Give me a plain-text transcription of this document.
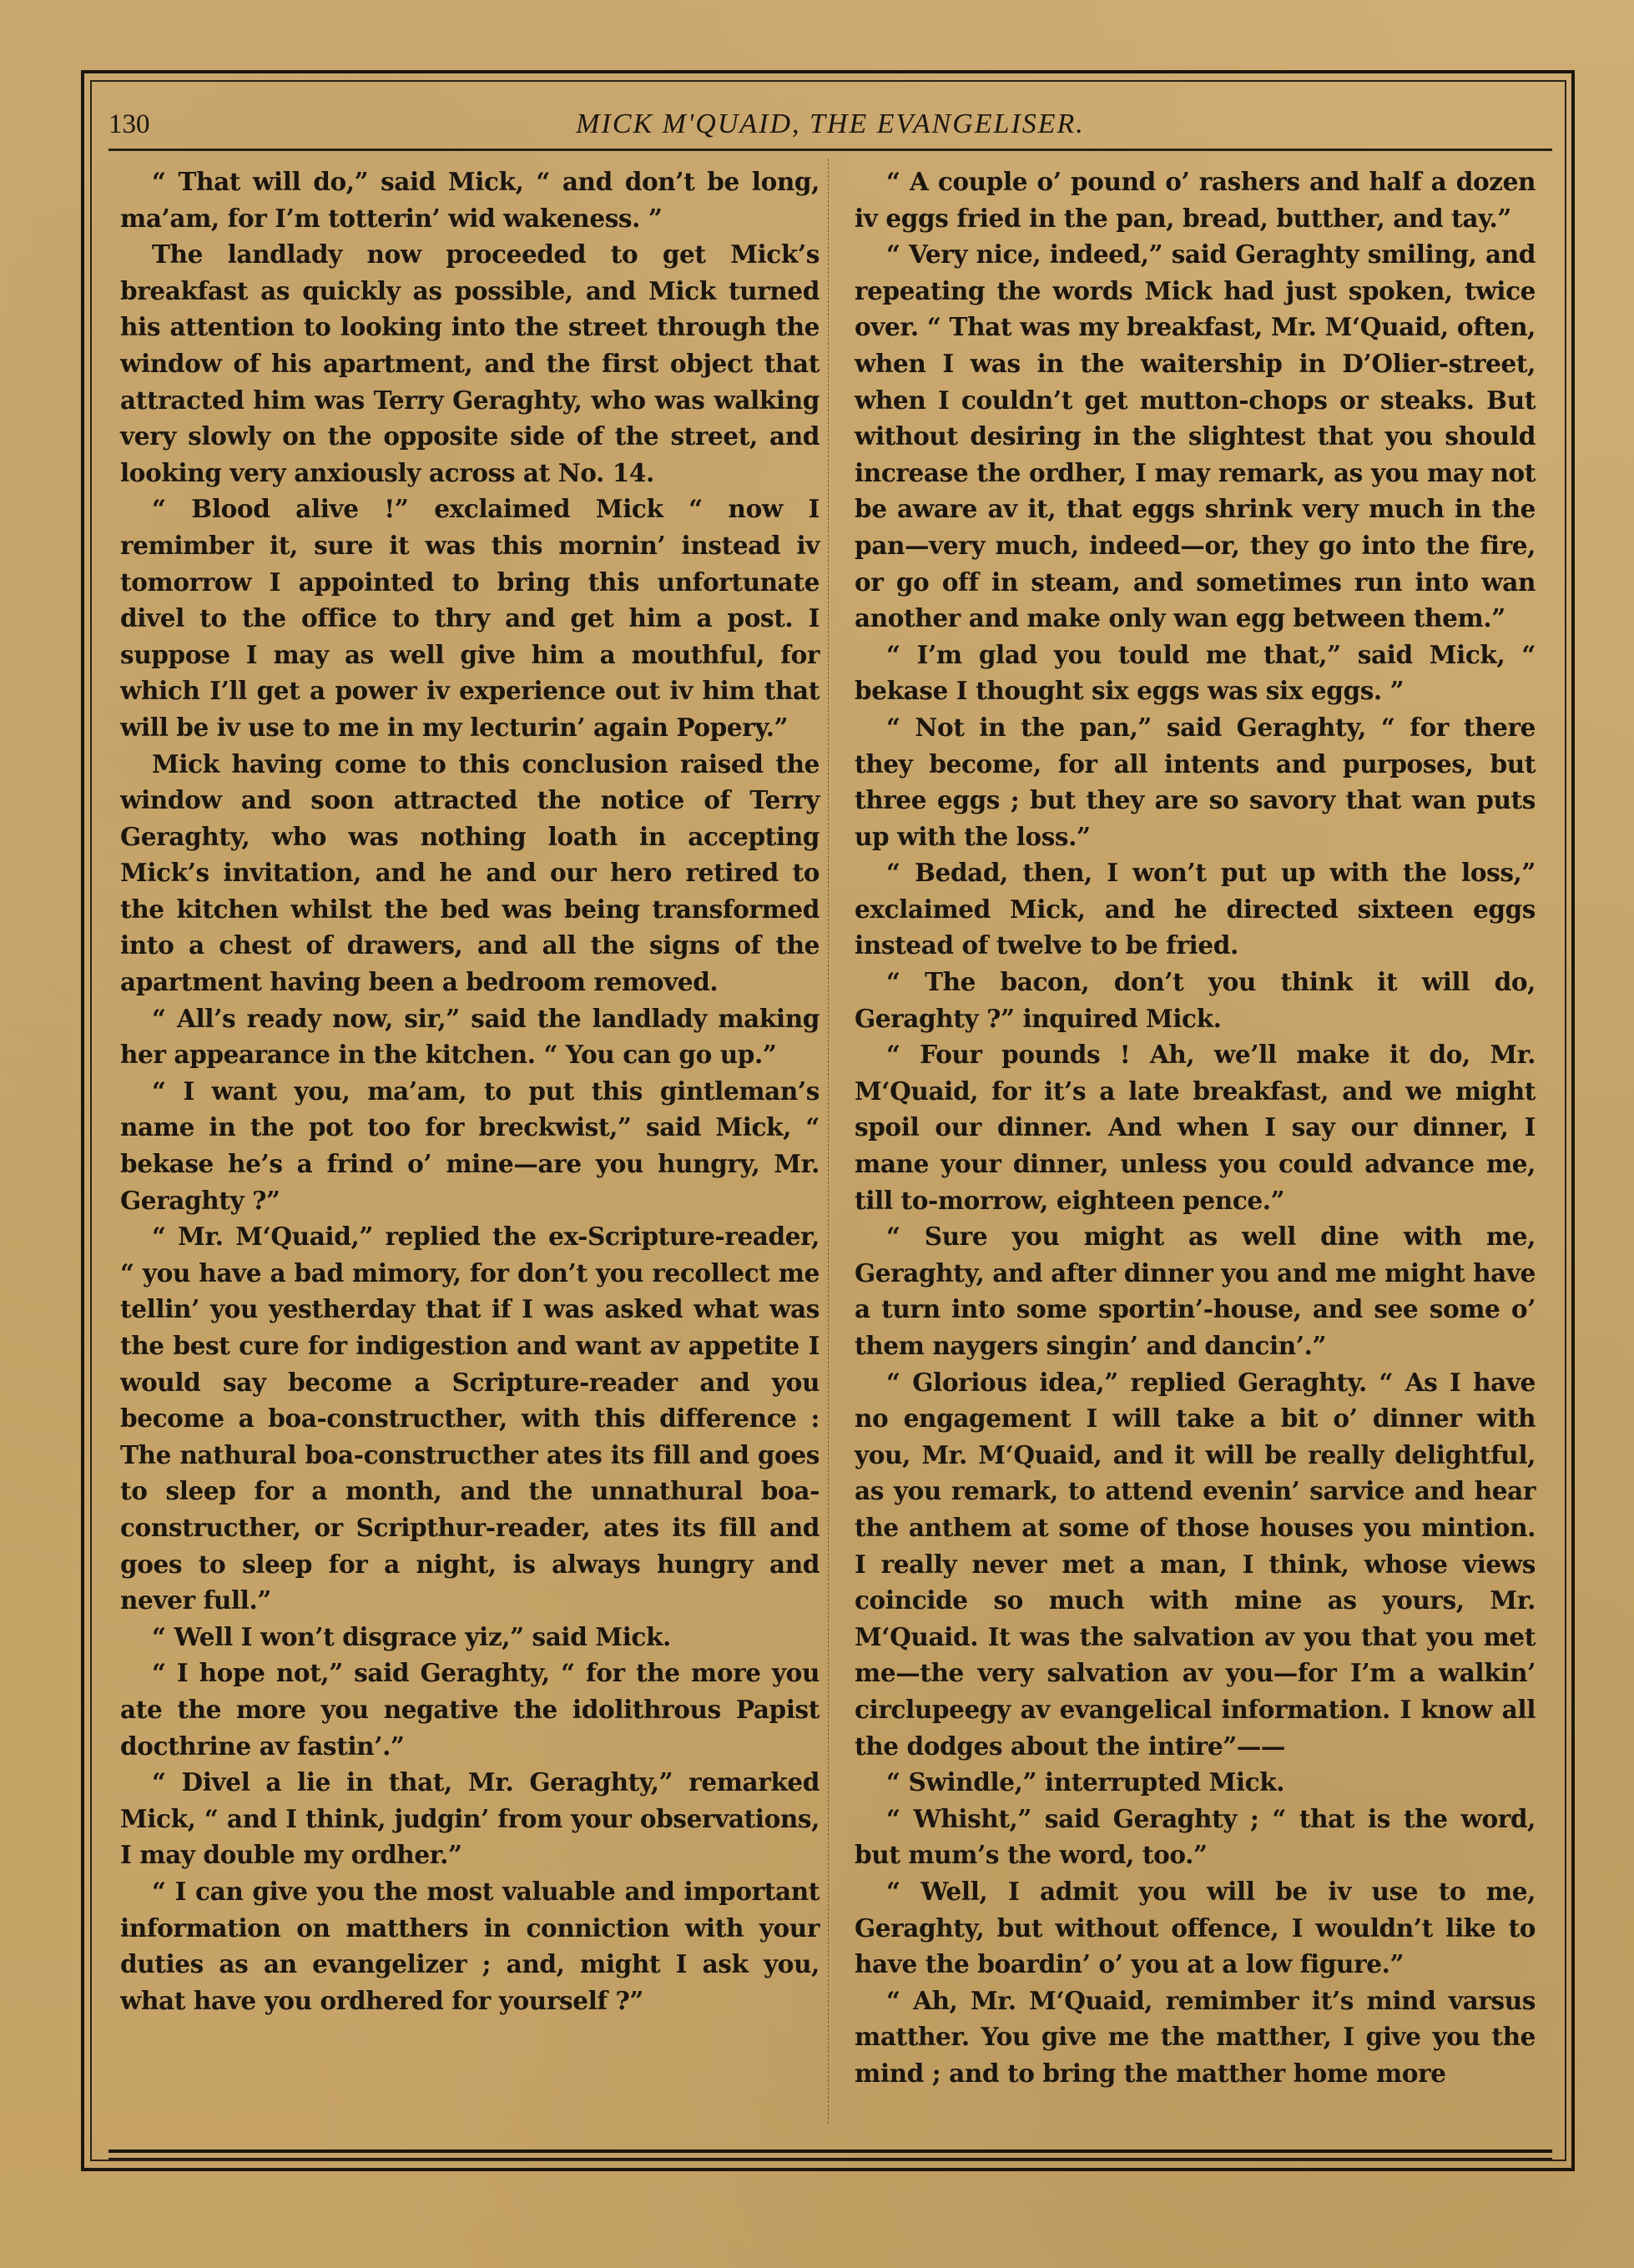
130	MICK M'QUAID, THE EVANGELISER.

“ That will do,” said Mick, “ and don’t be long, ma’am, for I’m totterin’ wid wakeness. ”

The landlady now proceeded to get Mick’s breakfast as quickly as possible, and Mick turned his attention to looking into the street through the window of his apartment, and the first object that attracted him was Terry Geraghty, who was walking very slowly on the opposite side of the street, and looking very anxiously across at No. 14.

“ Blood alive !” exclaimed Mick “ now I remimber it, sure it was this mornin’ instead iv tomorrow I appointed to bring this unfortunate divel to the office to thry and get him a post. I suppose I may as well give him a mouthful, for which I’ll get a power iv experience out iv him that will be iv use to me in my lecturin’ again Popery.”

Mick having come to this conclusion raised the window and soon attracted the notice of Terry Geraghty, who was nothing loath in accepting Mick’s invitation, and he and our hero retired to the kitchen whilst the bed was being transformed into a chest of drawers, and all the signs of the apartment having been a bedroom removed.

“ All’s ready now, sir,” said the landlady making her appearance in the kitchen. “ You can go up.”

“ I want you, ma’am, to put this gintleman’s name in the pot too for breckwist,” said Mick, “ bekase he’s a frind o’ mine—are you hungry, Mr. Geraghty ?”

“ Mr. M‘Quaid,” replied the ex-Scripture-reader, “ you have a bad mimory, for don’t you recollect me tellin’ you yestherday that if I was asked what was the best cure for indigestion and want av appetite I would say become a Scripture-reader and you become a boa-constructher, with this difference : The nathural boa-constructher ates its fill and goes to sleep for a month, and the unnathural boa-constructher, or Scripthur-reader, ates its fill and goes to sleep for a night, is always hungry and never full.”

“ Well I won’t disgrace yiz,” said Mick.

“ I hope not,” said Geraghty, “ for the more you ate the more you negative the idolithrous Papist docthrine av fastin’.”

“ Divel a lie in that, Mr. Geraghty,” remarked Mick, “ and I think, judgin’ from your observations, I may double my ordher.”

“ I can give you the most valuable and important information on matthers in conniction with your duties as an evangelizer ; and, might I ask you, what have you ordhered for yourself ?”

“ A couple o’ pound o’ rashers and half a dozen iv eggs fried in the pan, bread, butther, and tay.”

“ Very nice, indeed,” said Geraghty smiling, and repeating the words Mick had just spoken, twice over. “ That was my breakfast, Mr. M‘Quaid, often, when I was in the waitership in D’Olier-street, when I couldn’t get mutton-chops or steaks. But without desiring in the slightest that you should increase the ordher, I may remark, as you may not be aware av it, that eggs shrink very much in the pan—very much, indeed—or, they go into the fire, or go off in steam, and sometimes run into wan another and make only wan egg between them.”

“ I’m glad you tould me that,” said Mick, “ bekase I thought six eggs was six eggs. ”

“ Not in the pan,” said Geraghty, “ for there they become, for all intents and purposes, but three eggs ; but they are so savory that wan puts up with the loss.”

“ Bedad, then, I won’t put up with the loss,” exclaimed Mick, and he directed sixteen eggs instead of twelve to be fried.

“ The bacon, don’t you think it will do, Geraghty ?” inquired Mick.

“ Four pounds ! Ah, we’ll make it do, Mr. M‘Quaid, for it’s a late breakfast, and we might spoil our dinner. And when I say our dinner, I mane your dinner, unless you could advance me, till to-morrow, eighteen pence.”

“ Sure you might as well dine with me, Geraghty, and after dinner you and me might have a turn into some sportin’-house, and see some o’ them naygers singin’ and dancin’.”

“ Glorious idea,” replied Geraghty. “ As I have no engagement I will take a bit o’ dinner with you, Mr. M‘Quaid, and it will be really delightful, as you remark, to attend evenin’ sarvice and hear the anthem at some of those houses you mintion. I really never met a man, I think, whose views coincide so much with mine as yours, Mr. M‘Quaid. It was the salvation av you that you met me—the very salvation av you—for I’m a walkin’ circlupeegy av evangelical information. I know all the dodges about the intire”——

“ Swindle,” interrupted Mick.

“ Whisht,” said Geraghty ; “ that is the word, but mum’s the word, too.”

“ Well, I admit you will be iv use to me, Geraghty, but without offence, I wouldn’t like to have the boardin’ o’ you at a low figure.”

“ Ah, Mr. M‘Quaid, remimber it’s mind varsus matther. You give me the matther, I give you the mind ; and to bring the matther home more
